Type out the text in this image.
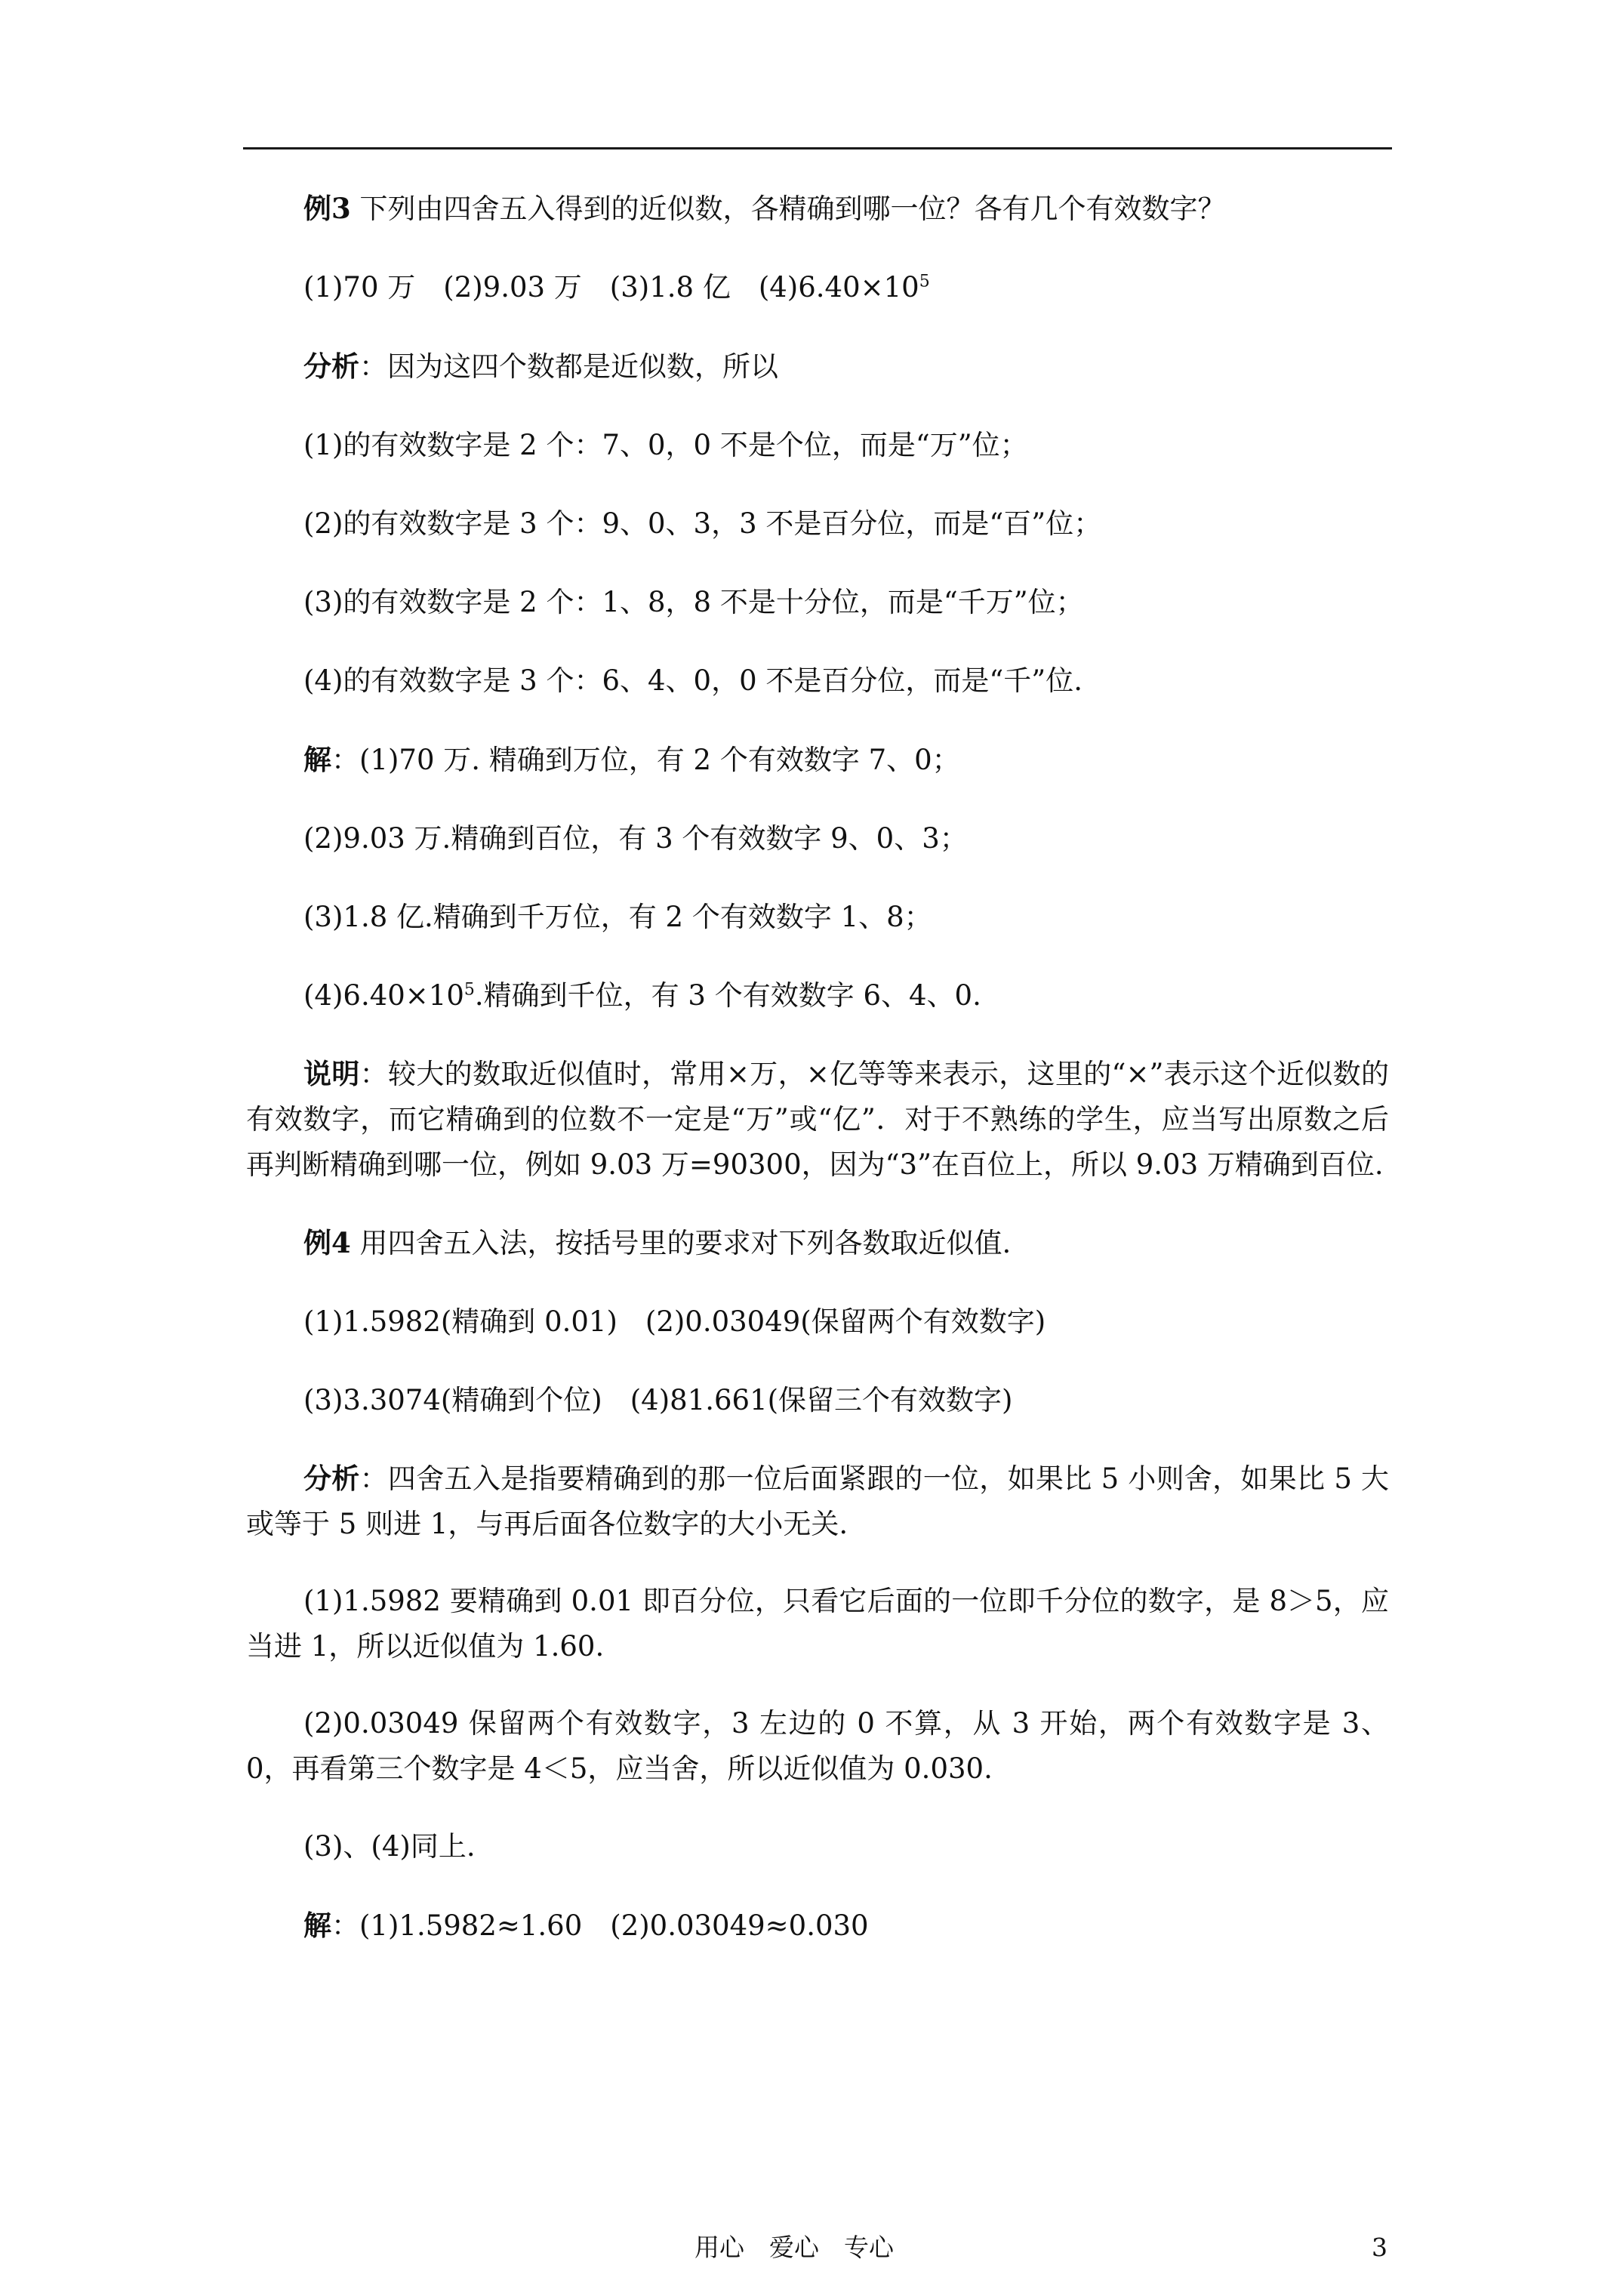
例3 下列由四舍五入得到的近似数，各精确到哪一位？各有几个有效数字？

(1)70 万　(2)9.03 万　(3)1.8 亿　$(4)6.40\times 10^5$

分析：因为这四个数都是近似数，所以

(1)的有效数字是 2 个：7、0，0 不是个位，而是“万”位；

(2)的有效数字是 3 个：9、0、3，3 不是百分位，而是“百”位；

(3)的有效数字是 2 个：1、8，8 不是十分位，而是“千万”位；

(4)的有效数字是 3 个：6、4、0，0 不是百分位，而是“千”位.

解：(1)70 万. 精确到万位，有 2 个有效数字 7、0；

(2)9.03 万.精确到百位，有 3 个有效数字 9、0、3；

(3)1.8 亿.精确到千万位，有 2 个有效数字 1、8；

$(4)6.40\times 10^5$.精确到千位，有 3 个有效数字 6、4、0.

说明：较大的数取近似值时，常用×万，×亿等等来表示，这里的“×”表示这个近似数的有效数字，而它精确到的位数不一定是“万”或“亿”．对于不熟练的学生，应当写出原数之后再判断精确到哪一位，例如 9.03 万=90300，因为“3”在百位上，所以 9.03 万精确到百位.

例4 用四舍五入法，按括号里的要求对下列各数取近似值.

(1)1.5982(精确到 0.01)　(2)0.03049(保留两个有效数字)

(3)3.3074(精确到个位)　(4)81.661(保留三个有效数字)

分析：四舍五入是指要精确到的那一位后面紧跟的一位，如果比 5 小则舍，如果比 5 大或等于 5 则进 1，与再后面各位数字的大小无关.

(1)1.5982 要精确到 0.01 即百分位，只看它后面的一位即千分位的数字，是 8＞5，应当进 1，所以近似值为 1.60.

(2)0.03049 保留两个有效数字，3 左边的 0 不算，从 3 开始，两个有效数字是 3、0，再看第三个数字是 4＜5，应当舍，所以近似值为 0.030.

(3)、(4)同上.

解：(1)1.5982≈1.60　(2)0.03049≈0.030

用心　爱心　专心	3
